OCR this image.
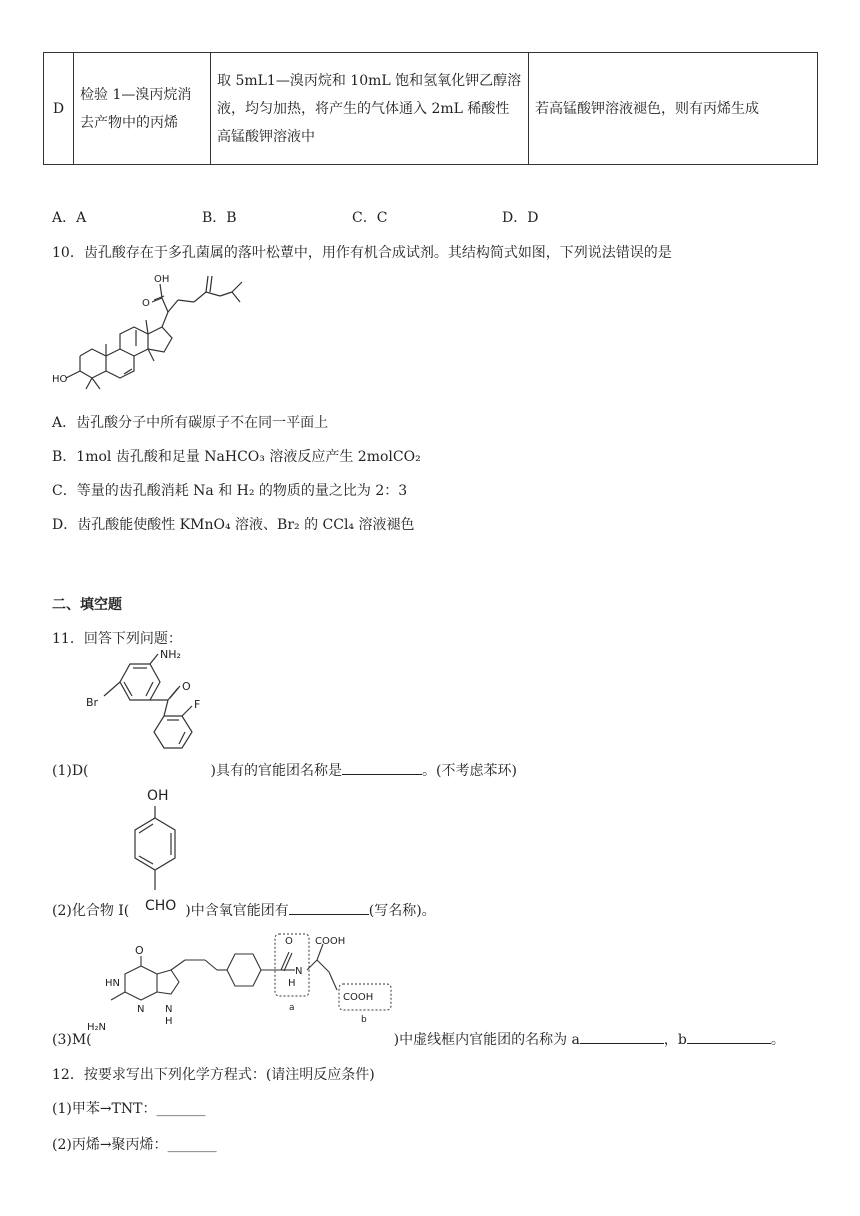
D	检验 1—溴丙烷消去产物中的丙烯	取 5mL1—溴丙烷和 10mL 饱和氢氧化钾乙醇溶液，均匀加热，将产生的气体通入 2mL 稀酸性高锰酸钾溶液中	若高锰酸钾溶液褪色，则有丙烯生成
A．A	B．B	C．C	D．D
10．齿孔酸存在于多孔菌属的落叶松蕈中，用作有机合成试剂。其结构简式如图，下列说法错误的是
OH
O
HO
A．齿孔酸分子中所有碳原子不在同一平面上
B．1mol 齿孔酸和足量 NaHCO₃ 溶液反应产生 2molCO₂
C．等量的齿孔酸消耗 Na 和 H₂ 的物质的量之比为 2：3
D．齿孔酸能使酸性 KMnO₄ 溶液、Br₂ 的 CCl₄ 溶液褪色
二、填空题
11．回答下列问题：
NH₂
Br
O
F
(1)D(	)具有的官能团名称是	。(不考虑苯环)
OH
CHO
(2)化合物 I(	)中含氧官能团有	(写名称)。
O COOH
O
HN
N
H
N
H₂N
N
H
COOH
a
b
(3)M(	)中虚线框内官能团的名称为 a	，b	。
12．按要求写出下列化学方程式：(请注明反应条件)
(1)甲苯→TNT：_______
(2)丙烯→聚丙烯：_______
